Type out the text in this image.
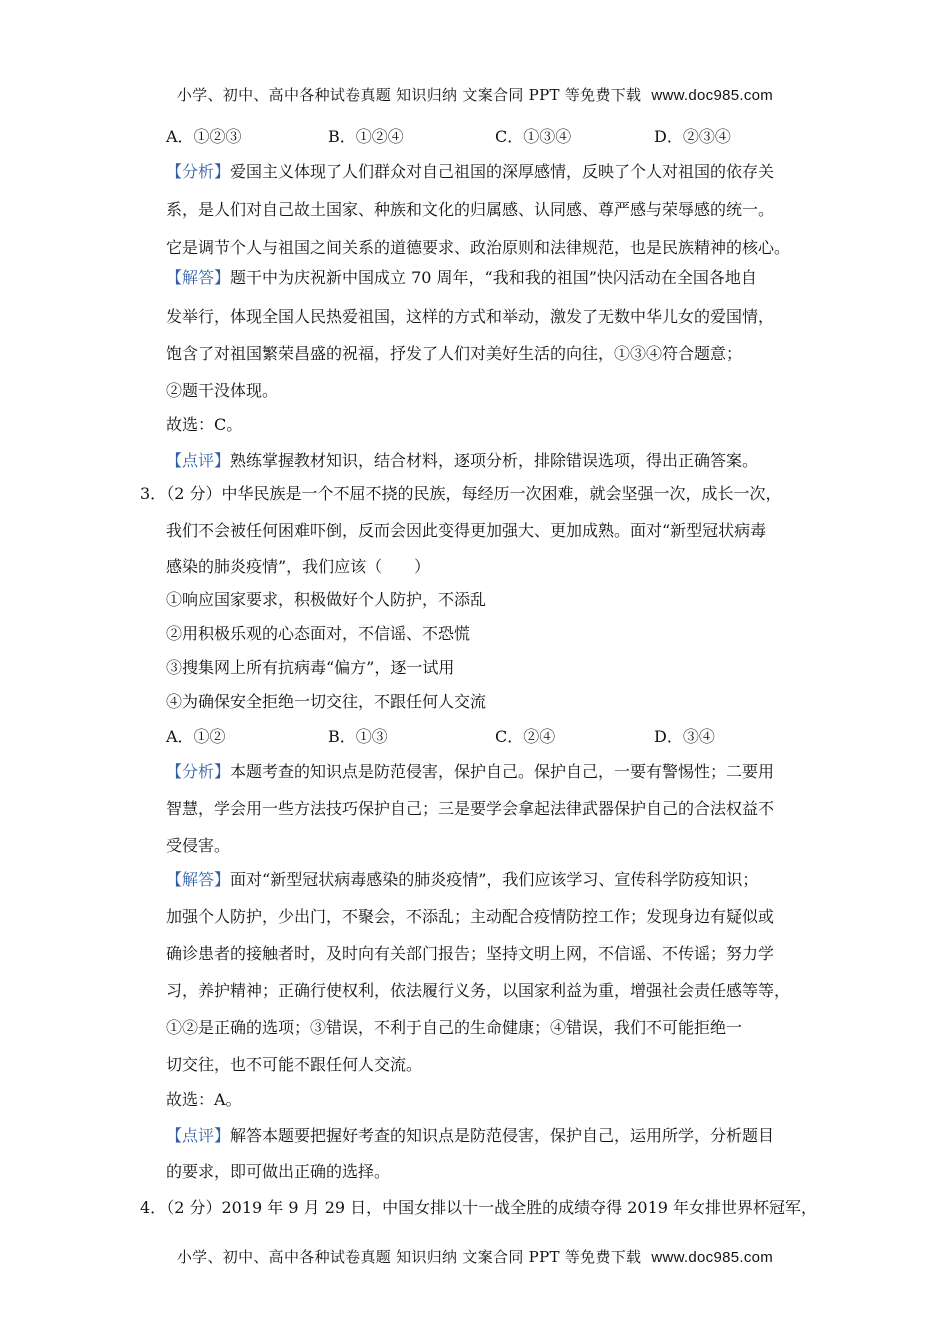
小学、初中、高中各种试卷真题 知识归纳 文案合同 PPT 等免费下载 www.doc985.com
A．①②③	B．①②④	C．①③④	D．②③④
【分析】爱国主义体现了人们群众对自己祖国的深厚感情，反映了个人对祖国的依存关
系，是人们对自己故土国家、种族和文化的归属感、认同感、尊严感与荣辱感的统一。
它是调节个人与祖国之间关系的道德要求、政治原则和法律规范，也是民族精神的核心。
【解答】题干中为庆祝新中国成立 70 周年，“我和我的祖国”快闪活动在全国各地自
发举行，体现全国人民热爱祖国，这样的方式和举动，激发了无数中华儿女的爱国情，
饱含了对祖国繁荣昌盛的祝福，抒发了人们对美好生活的向往，①③④符合题意；
②题干没体现。
故选：C。
【点评】熟练掌握教材知识，结合材料，逐项分析，排除错误选项，得出正确答案。
3．（2 分）中华民族是一个不屈不挠的民族，每经历一次困难，就会坚强一次，成长一次，
我们不会被任何困难吓倒，反而会因此变得更加强大、更加成熟。面对“新型冠状病毒
感染的肺炎疫情”，我们应该（　　）
①响应国家要求，积极做好个人防护，不添乱
②用积极乐观的心态面对，不信谣、不恐慌
③搜集网上所有抗病毒“偏方”，逐一试用
④为确保安全拒绝一切交往，不跟任何人交流
A．①②	B．①③	C．②④	D．③④
【分析】本题考查的知识点是防范侵害，保护自己。保护自己，一要有警惕性；二要用
智慧，学会用一些方法技巧保护自己；三是要学会拿起法律武器保护自己的合法权益不
受侵害。
【解答】面对“新型冠状病毒感染的肺炎疫情”，我们应该学习、宣传科学防疫知识；
加强个人防护，少出门，不聚会，不添乱；主动配合疫情防控工作；发现身边有疑似或
确诊患者的接触者时，及时向有关部门报告；坚持文明上网，不信谣、不传谣；努力学
习，养护精神；正确行使权利，依法履行义务，以国家利益为重，增强社会责任感等等，
①②是正确的选项；③错误，不利于自己的生命健康；④错误，我们不可能拒绝一
切交往，也不可能不跟任何人交流。
故选：A。
【点评】解答本题要把握好考查的知识点是防范侵害，保护自己，运用所学，分析题目
的要求，即可做出正确的选择。
4．（2 分）2019 年 9 月 29 日，中国女排以十一战全胜的成绩夺得 2019 年女排世界杯冠军，
小学、初中、高中各种试卷真题 知识归纳 文案合同 PPT 等免费下载 www.doc985.com
